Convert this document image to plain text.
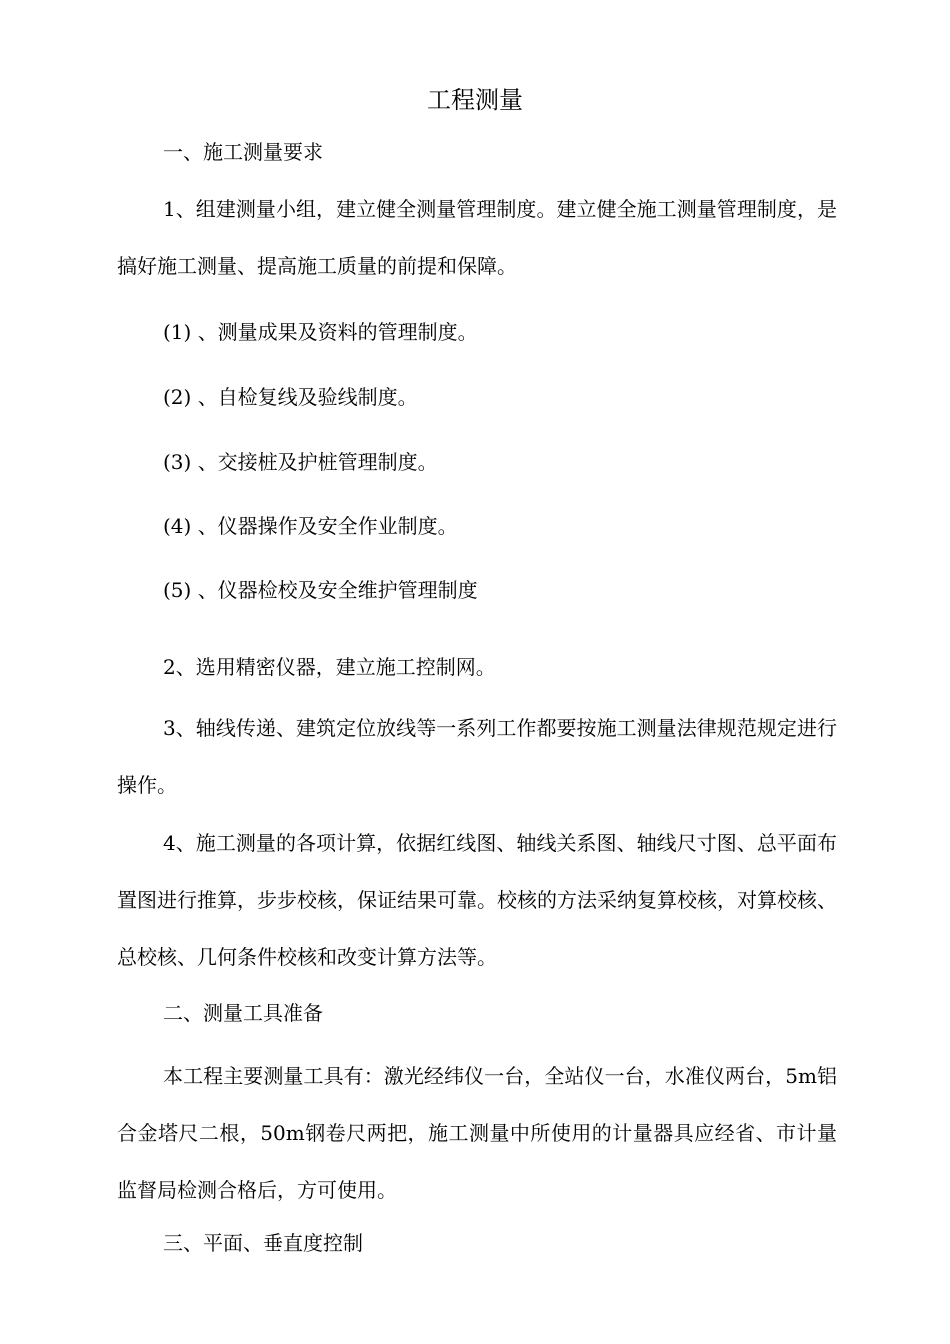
工程测量

一、施工测量要求

1、组建测量小组，建立健全测量管理制度。建立健全施工测量管理制度，是搞好施工测量、提高施工质量的前提和保障。

(1) 、测量成果及资料的管理制度。

(2) 、自检复线及验线制度。

(3) 、交接桩及护桩管理制度。

(4) 、仪器操作及安全作业制度。

(5) 、仪器检校及安全维护管理制度

2、选用精密仪器，建立施工控制网。

3、轴线传递、建筑定位放线等一系列工作都要按施工测量法律规范规定进行操作。

4、施工测量的各项计算，依据红线图、轴线关系图、轴线尺寸图、总平面布置图进行推算，步步校核，保证结果可靠。校核的方法采纳复算校核，对算校核、总校核、几何条件校核和改变计算方法等。

二、测量工具准备

本工程主要测量工具有：激光经纬仪一台，全站仪一台，水准仪两台，5m铝合金塔尺二根，50m钢卷尺两把，施工测量中所使用的计量器具应经省、市计量监督局检测合格后，方可使用。

三、平面、垂直度控制
